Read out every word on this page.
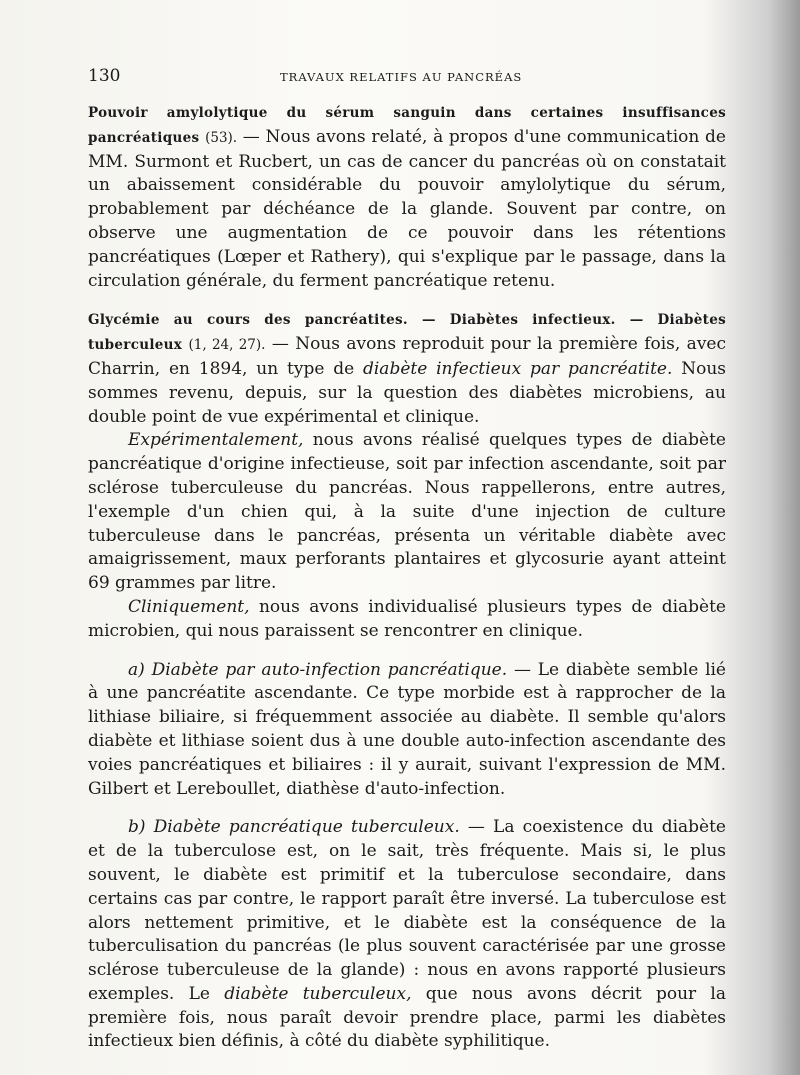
130	TRAVAUX RELATIFS AU PANCRÉAS

Pouvoir amylolytique du sérum sanguin dans certaines insuffisances pancréatiques (53). — Nous avons relaté, à propos d'une communication de MM. Surmont et Rucbert, un cas de cancer du pancréas où on constatait un abaissement considérable du pouvoir amylolytique du sérum, probablement par déchéance de la glande. Souvent par contre, on observe une augmentation de ce pouvoir dans les rétentions pancréatiques (Lœper et Rathery), qui s'explique par le passage, dans la circulation générale, du ferment pancréatique retenu.

Glycémie au cours des pancréatites. — Diabètes infectieux. — Diabètes tuberculeux (1, 24, 27). — Nous avons reproduit pour la première fois, avec Charrin, en 1894, un type de diabète infectieux par pancréatite. Nous sommes revenu, depuis, sur la question des diabètes microbiens, au double point de vue expérimental et clinique.

Expérimentalement, nous avons réalisé quelques types de diabète pancréatique d'origine infectieuse, soit par infection ascendante, soit par sclérose tuberculeuse du pancréas. Nous rappellerons, entre autres, l'exemple d'un chien qui, à la suite d'une injection de culture tuberculeuse dans le pancréas, présenta un véritable diabète avec amaigrissement, maux perforants plantaires et glycosurie ayant atteint 69 grammes par litre.

Cliniquement, nous avons individualisé plusieurs types de diabète microbien, qui nous paraissent se rencontrer en clinique.

a) Diabète par auto-infection pancréatique. — Le diabète semble lié à une pancréatite ascendante. Ce type morbide est à rapprocher de la lithiase biliaire, si fréquemment associée au diabète. Il semble qu'alors diabète et lithiase soient dus à une double auto-infection ascendante des voies pancréatiques et biliaires : il y aurait, suivant l'expression de MM. Gilbert et Lereboullet, diathèse d'auto-infection.

b) Diabète pancréatique tuberculeux. — La coexistence du diabète et de la tuberculose est, on le sait, très fréquente. Mais si, le plus souvent, le diabète est primitif et la tuberculose secondaire, dans certains cas par contre, le rapport paraît être inversé. La tuberculose est alors nettement primitive, et le diabète est la conséquence de la tuberculisation du pancréas (le plus souvent caractérisée par une grosse sclérose tuberculeuse de la glande) : nous en avons rapporté plusieurs exemples. Le diabète tuberculeux, que nous avons décrit pour la première fois, nous paraît devoir prendre place, parmi les diabètes infectieux bien définis, à côté du diabète syphilitique.
